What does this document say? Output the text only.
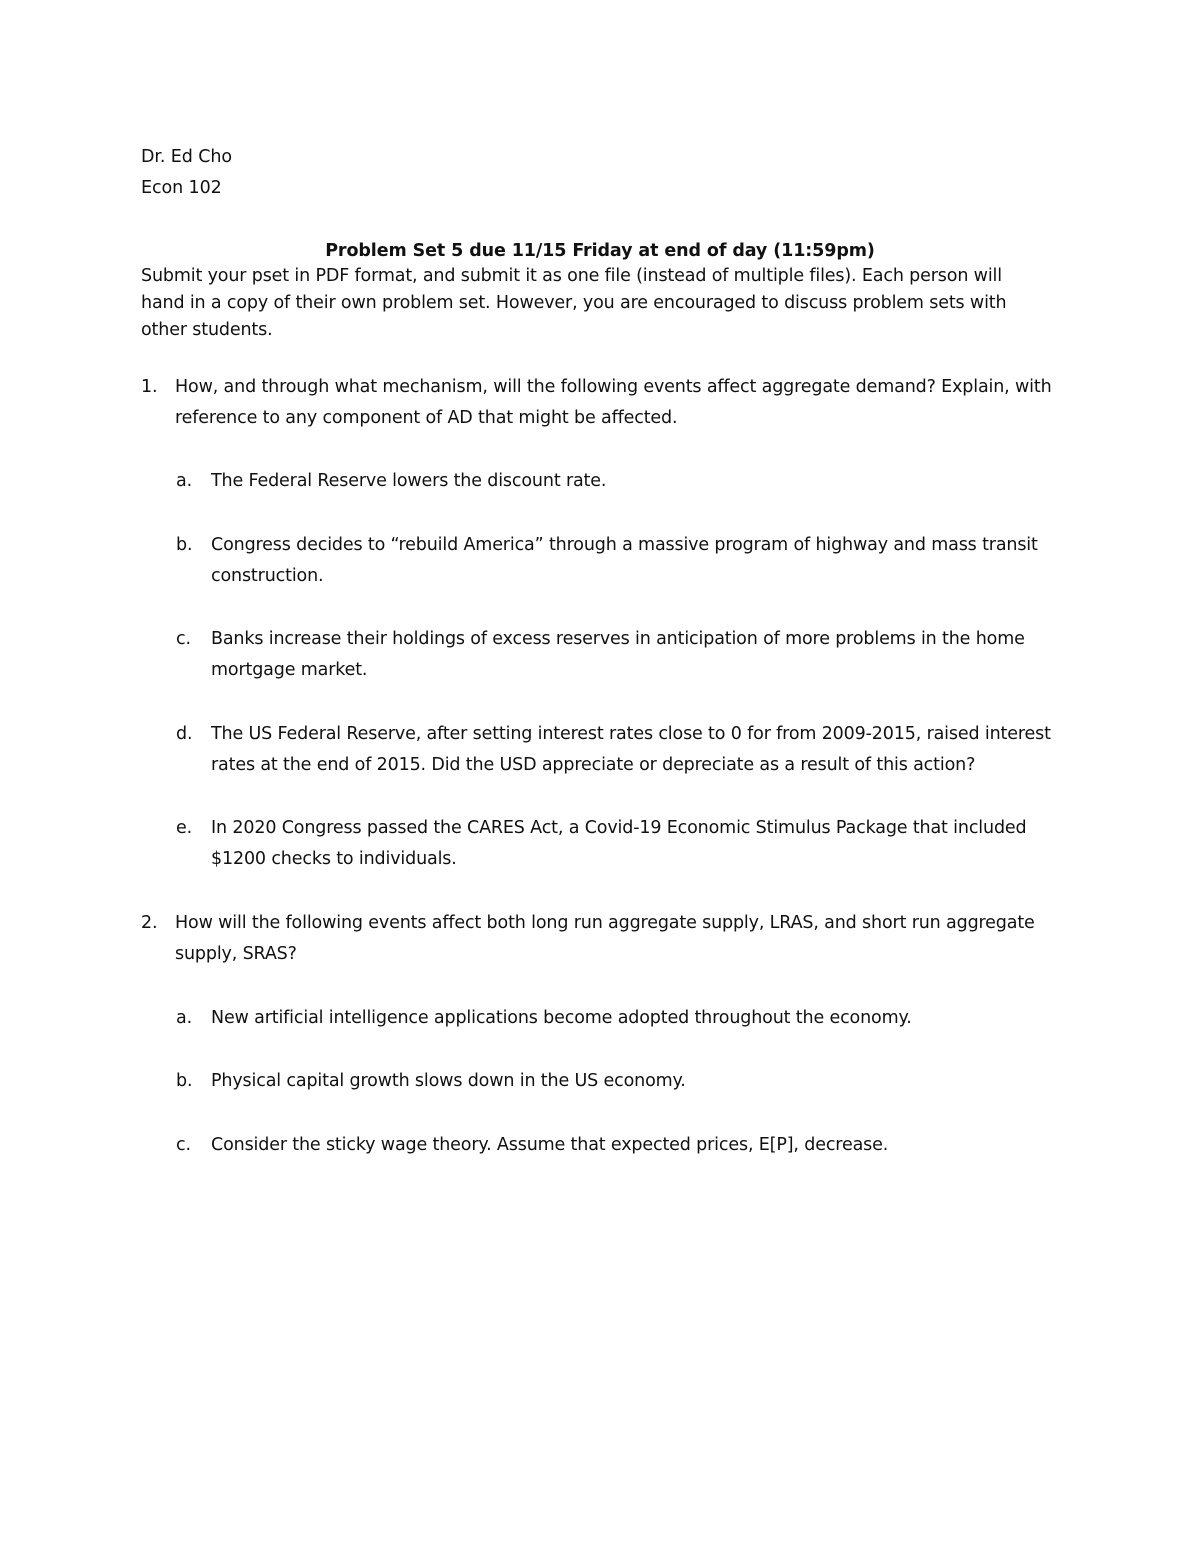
Dr. Ed Cho
Econ 102
Problem Set 5 due 11/15 Friday at end of day (11:59pm)
Submit your pset in PDF format, and submit it as one file (instead of multiple files). Each person will hand in a copy of their own problem set. However, you are encouraged to discuss problem sets with other students.
1. How, and through what mechanism, will the following events affect aggregate demand? Explain, with reference to any component of AD that might be affected.
a. The Federal Reserve lowers the discount rate.
b. Congress decides to “rebuild America” through a massive program of highway and mass transit construction.
c. Banks increase their holdings of excess reserves in anticipation of more problems in the home mortgage market.
d. The US Federal Reserve, after setting interest rates close to 0 for from 2009-2015, raised interest rates at the end of 2015. Did the USD appreciate or depreciate as a result of this action?
e. In 2020 Congress passed the CARES Act, a Covid-19 Economic Stimulus Package that included $1200 checks to individuals.
2. How will the following events affect both long run aggregate supply, LRAS, and short run aggregate supply, SRAS?
a. New artificial intelligence applications become adopted throughout the economy.
b. Physical capital growth slows down in the US economy.
c. Consider the sticky wage theory. Assume that expected prices, E[P], decrease.
